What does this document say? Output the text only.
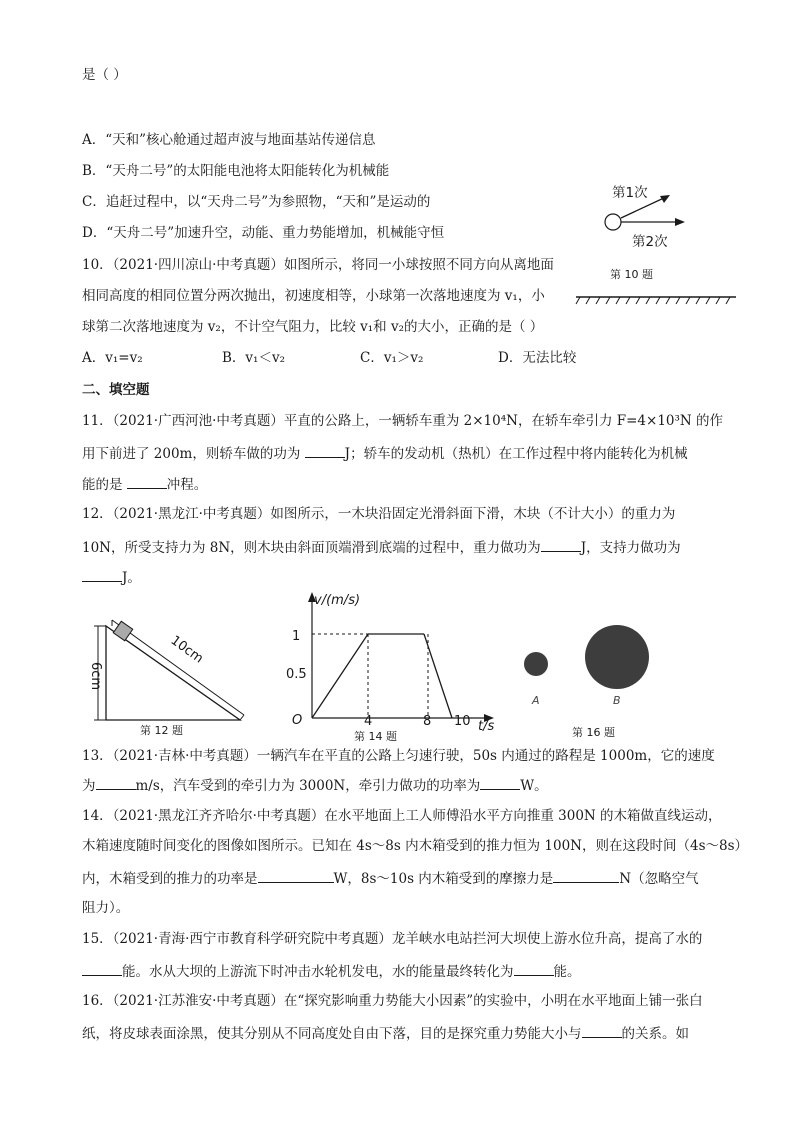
是（ ）
A．“天和”核心舱通过超声波与地面基站传递信息
B．“天舟二号”的太阳能电池将太阳能转化为机械能
C．追赶过程中，以“天舟二号”为参照物，“天和”是运动的
D．“天舟二号”加速升空，动能、重力势能增加，机械能守恒
10．（2021·四川凉山·中考真题）如图所示，将同一小球按照不同方向从离地面
相同高度的相同位置分两次抛出，初速度相等，小球第一次落地速度为 v₁，小
球第二次落地速度为 v₂，不计空气阻力，比较 v₁和 v₂的大小，正确的是（ ）
A．v₁=v₂	B．v₁＜v₂	C．v₁＞v₂	D．无法比较
第1次
第2次
第 10 题
二、填空题
11．（2021·广西河池·中考真题）平直的公路上，一辆轿车重为 2×10⁴N，在轿车牵引力 F=4×10³N 的作
用下前进了 200m，则轿车做的功为	J；轿车的发动机（热机）在工作过程中将内能转化为机械
能的是	冲程。
12．（2021·黑龙江·中考真题）如图所示，一木块沿固定光滑斜面下滑，木块（不计大小）的重力为
10N，所受支持力为 8N，则木块由斜面顶端滑到底端的过程中，重力做功为	J，支持力做功为
J。
6cm
10cm
第 12 题
v/(m/s)
t/s
O
1
0.5
4	8 10
第 14 题
A	B
第 16 题
13．（2021·吉林·中考真题）一辆汽车在平直的公路上匀速行驶，50s 内通过的路程是 1000m，它的速度
为	m/s，汽车受到的牵引力为 3000N，牵引力做功的功率为	W。
14．（2021·黑龙江齐齐哈尔·中考真题）在水平地面上工人师傅沿水平方向推重 300N 的木箱做直线运动，
木箱速度随时间变化的图像如图所示。已知在 4s～8s 内木箱受到的推力恒为 100N，则在这段时间（4s～8s）
内，木箱受到的推力的功率是	W，8s～10s 内木箱受到的摩擦力是	N（忽略空气
阻力）。
15．（2021·青海·西宁市教育科学研究院中考真题）龙羊峡水电站拦河大坝使上游水位升高，提高了水的
能。水从大坝的上游流下时冲击水轮机发电，水的能量最终转化为	能。
16．（2021·江苏淮安·中考真题）在“探究影响重力势能大小因素”的实验中，小明在水平地面上铺一张白
纸，将皮球表面涂黑，使其分别从不同高度处自由下落，目的是探究重力势能大小与	的关系。如
